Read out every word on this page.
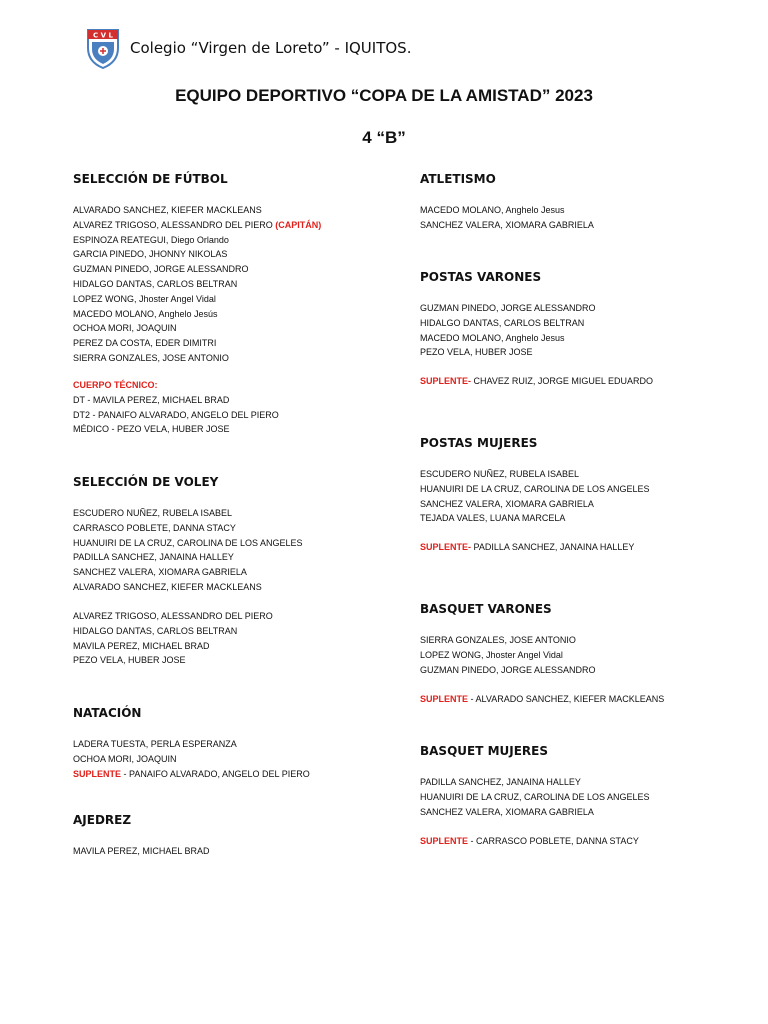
C V L
Colegio “Virgen de Loreto” - IQUITOS.
EQUIPO DEPORTIVO “COPA DE LA AMISTAD” 2023
4 “B”
SELECCIÓN DE FÚTBOL
ALVARADO SANCHEZ, KIEFER MACKLEANS
ALVAREZ TRIGOSO, ALESSANDRO DEL PIERO (CAPITÁN)
ESPINOZA REATEGUI, Diego Orlando
GARCIA PINEDO, JHONNY NIKOLAS
GUZMAN PINEDO, JORGE ALESSANDRO
HIDALGO DANTAS, CARLOS BELTRAN
LOPEZ WONG, Jhoster Angel Vidal
MACEDO MOLANO, Anghelo Jesús
OCHOA MORI, JOAQUIN
PEREZ DA COSTA, EDER DIMITRI
SIERRA GONZALES, JOSE ANTONIO
CUERPO TÉCNICO:
DT - MAVILA PEREZ, MICHAEL BRAD
DT2 - PANAIFO ALVARADO, ANGELO DEL PIERO
MÉDICO - PEZO VELA, HUBER JOSE
SELECCIÓN DE VOLEY
ESCUDERO NUÑEZ, RUBELA ISABEL
CARRASCO POBLETE, DANNA STACY
HUANUIRI DE LA CRUZ, CAROLINA DE LOS ANGELES
PADILLA SANCHEZ, JANAINA HALLEY
SANCHEZ VALERA, XIOMARA GABRIELA
ALVARADO SANCHEZ, KIEFER MACKLEANS
ALVAREZ TRIGOSO, ALESSANDRO DEL PIERO
HIDALGO DANTAS, CARLOS BELTRAN
MAVILA PEREZ, MICHAEL BRAD
PEZO VELA, HUBER JOSE
NATACIÓN
LADERA TUESTA, PERLA ESPERANZA
OCHOA MORI, JOAQUIN
SUPLENTE - PANAIFO ALVARADO, ANGELO DEL PIERO
AJEDREZ
MAVILA PEREZ, MICHAEL BRAD
ATLETISMO
MACEDO MOLANO, Anghelo Jesus
SANCHEZ VALERA, XIOMARA GABRIELA
POSTAS VARONES
GUZMAN PINEDO, JORGE ALESSANDRO
HIDALGO DANTAS, CARLOS BELTRAN
MACEDO MOLANO, Anghelo Jesus
PEZO VELA, HUBER JOSE
SUPLENTE- CHAVEZ RUIZ, JORGE MIGUEL EDUARDO
POSTAS MUJERES
ESCUDERO NUÑEZ, RUBELA ISABEL
HUANUIRI DE LA CRUZ, CAROLINA DE LOS ANGELES
SANCHEZ VALERA, XIOMARA GABRIELA
TEJADA VALES, LUANA MARCELA
SUPLENTE- PADILLA SANCHEZ, JANAINA HALLEY
BASQUET VARONES
SIERRA GONZALES, JOSE ANTONIO
LOPEZ WONG, Jhoster Angel Vidal
GUZMAN PINEDO, JORGE ALESSANDRO
SUPLENTE - ALVARADO SANCHEZ, KIEFER MACKLEANS
BASQUET MUJERES
PADILLA SANCHEZ, JANAINA HALLEY
HUANUIRI DE LA CRUZ, CAROLINA DE LOS ANGELES
SANCHEZ VALERA, XIOMARA GABRIELA
SUPLENTE - CARRASCO POBLETE, DANNA STACY
